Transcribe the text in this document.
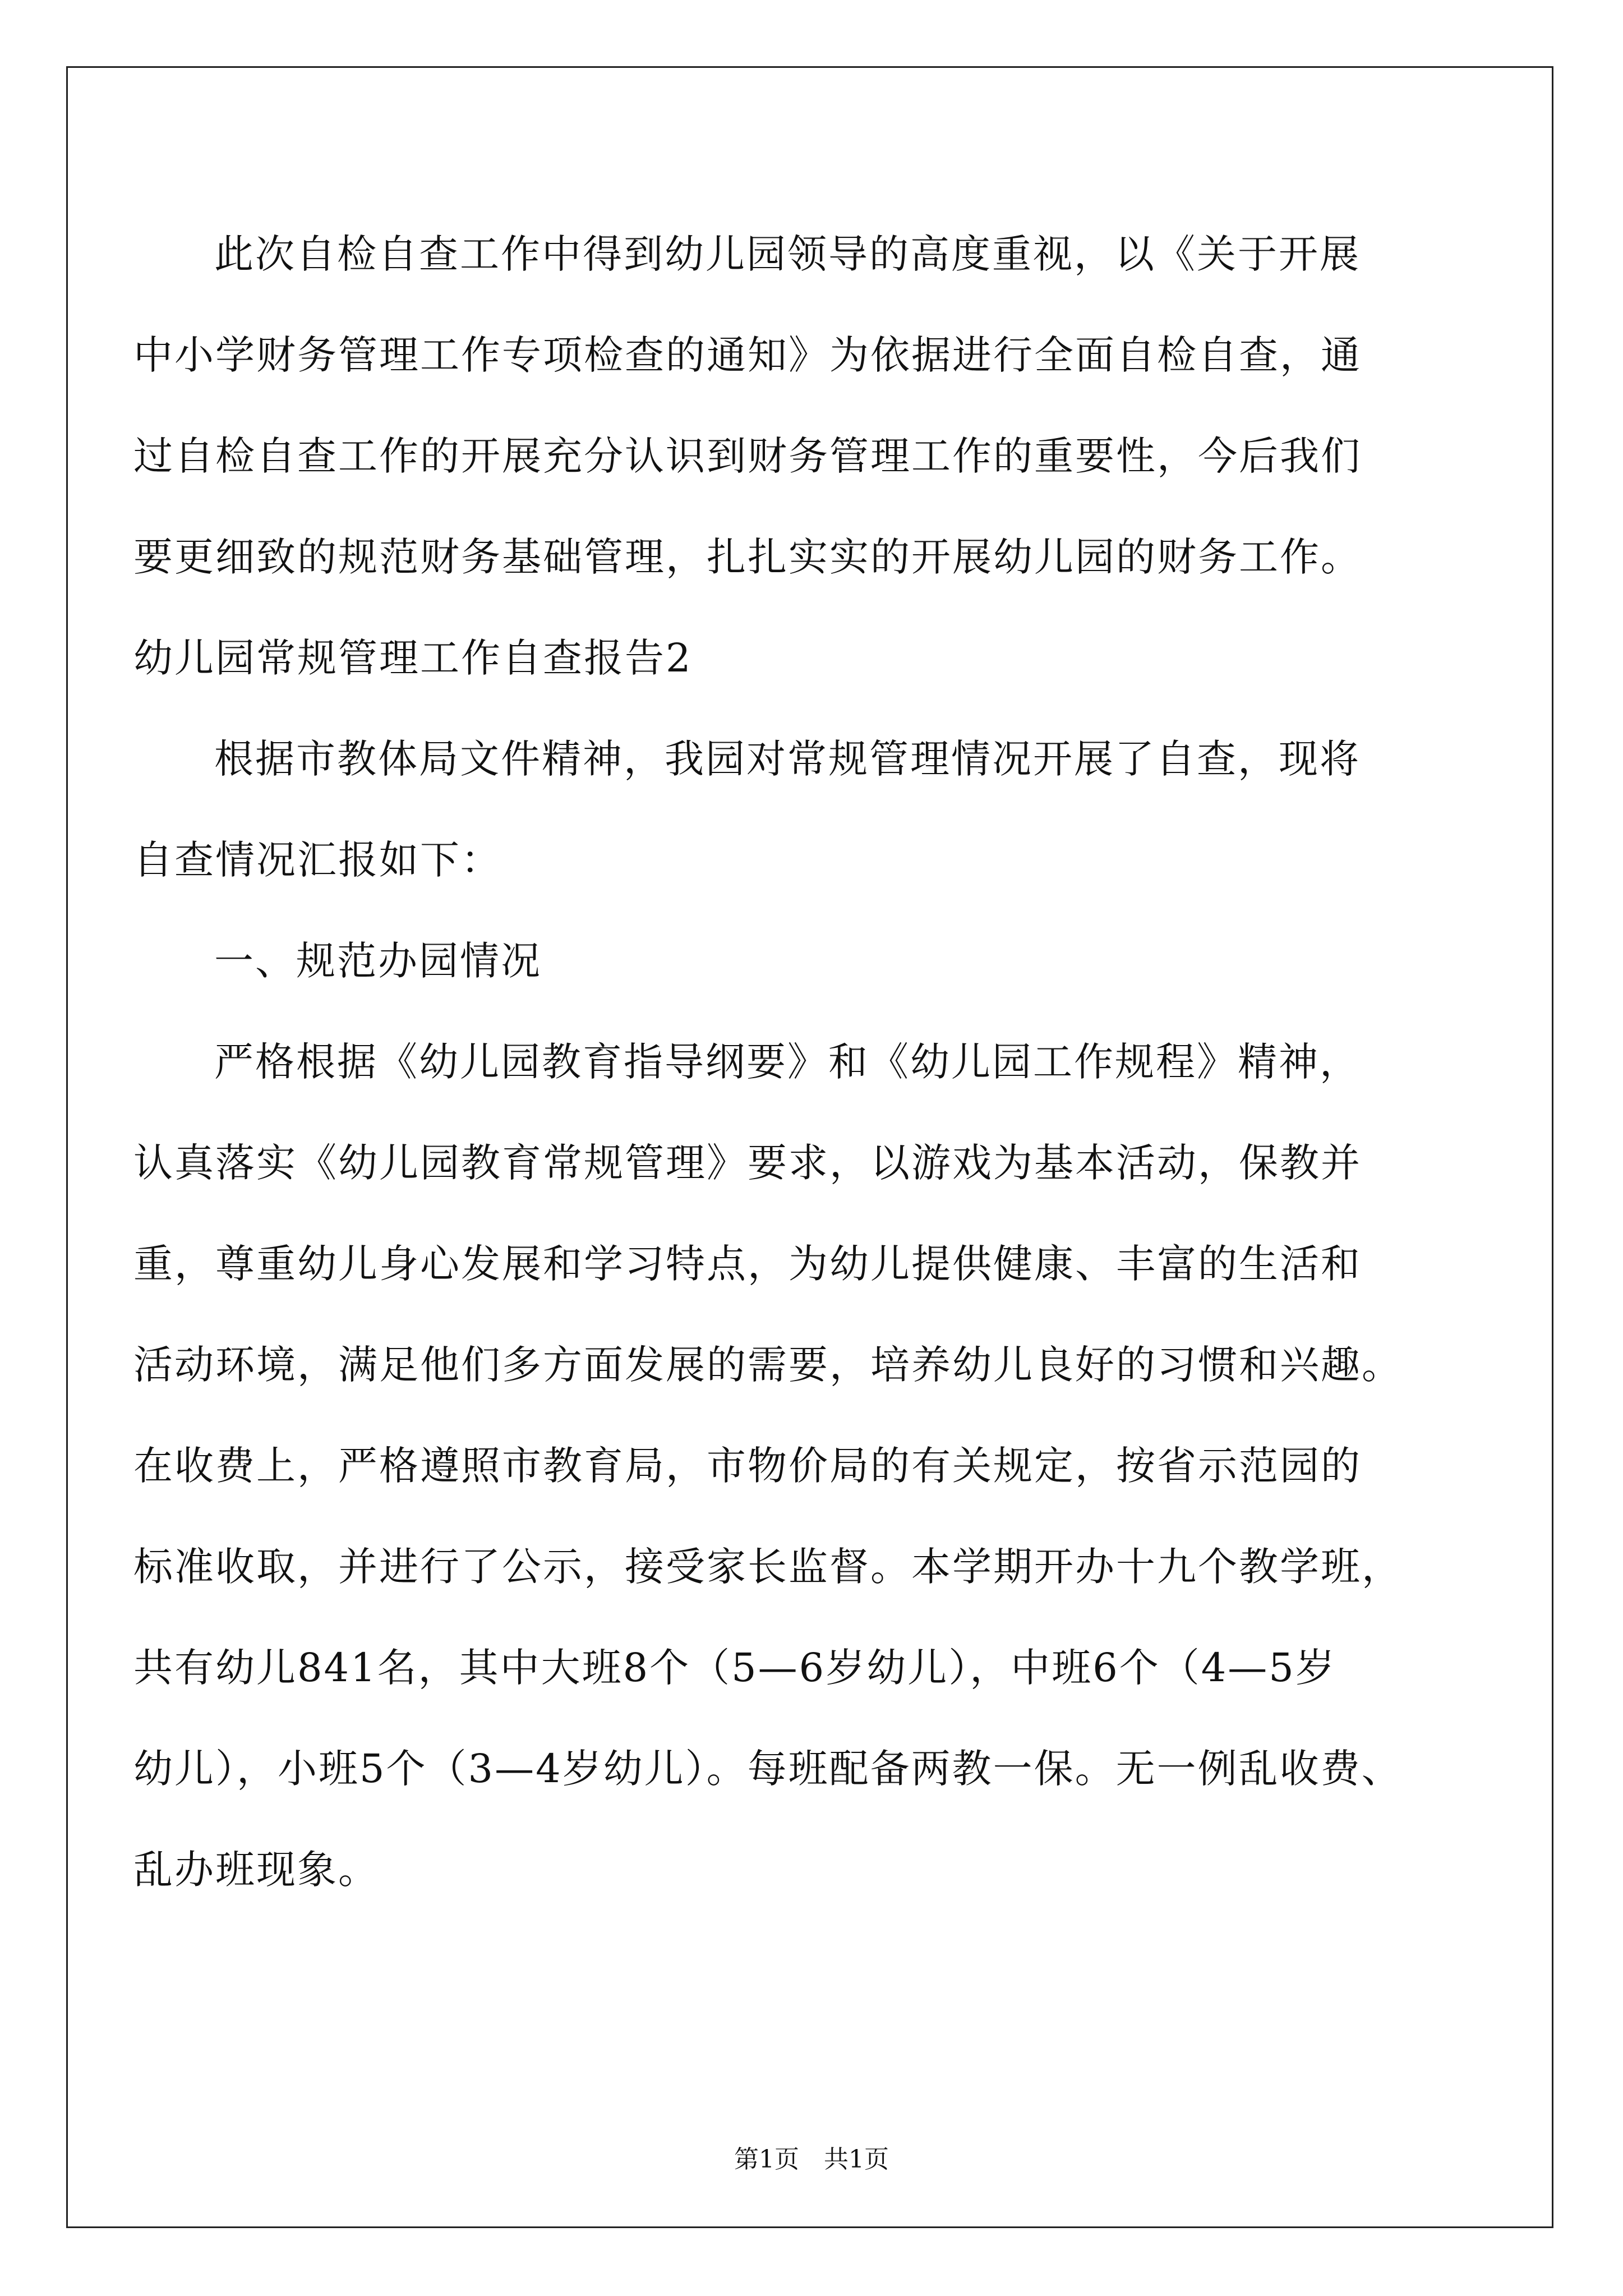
此次自检自查工作中得到幼儿园领导的高度重视，以《关于开展
中小学财务管理工作专项检查的通知》为依据进行全面自检自查，通
过自检自查工作的开展充分认识到财务管理工作的重要性，今后我们
要更细致的规范财务基础管理，扎扎实实的开展幼儿园的财务工作。
幼儿园常规管理工作自查报告2
根据市教体局文件精神，我园对常规管理情况开展了自查，现将
自查情况汇报如下：
一、规范办园情况
严格根据《幼儿园教育指导纲要》和《幼儿园工作规程》精神，
认真落实《幼儿园教育常规管理》要求，以游戏为基本活动，保教并
重，尊重幼儿身心发展和学习特点，为幼儿提供健康、丰富的生活和
活动环境，满足他们多方面发展的需要，培养幼儿良好的习惯和兴趣。
在收费上，严格遵照市教育局，市物价局的有关规定，按省示范园的
标准收取，并进行了公示，接受家长监督。本学期开办十九个教学班，
共有幼儿841名，其中大班8个（5—6岁幼儿），中班6个（4—5岁
幼儿），小班5个（3—4岁幼儿）。每班配备两教一保。无一例乱收费、
乱办班现象。
第1页　共1页
